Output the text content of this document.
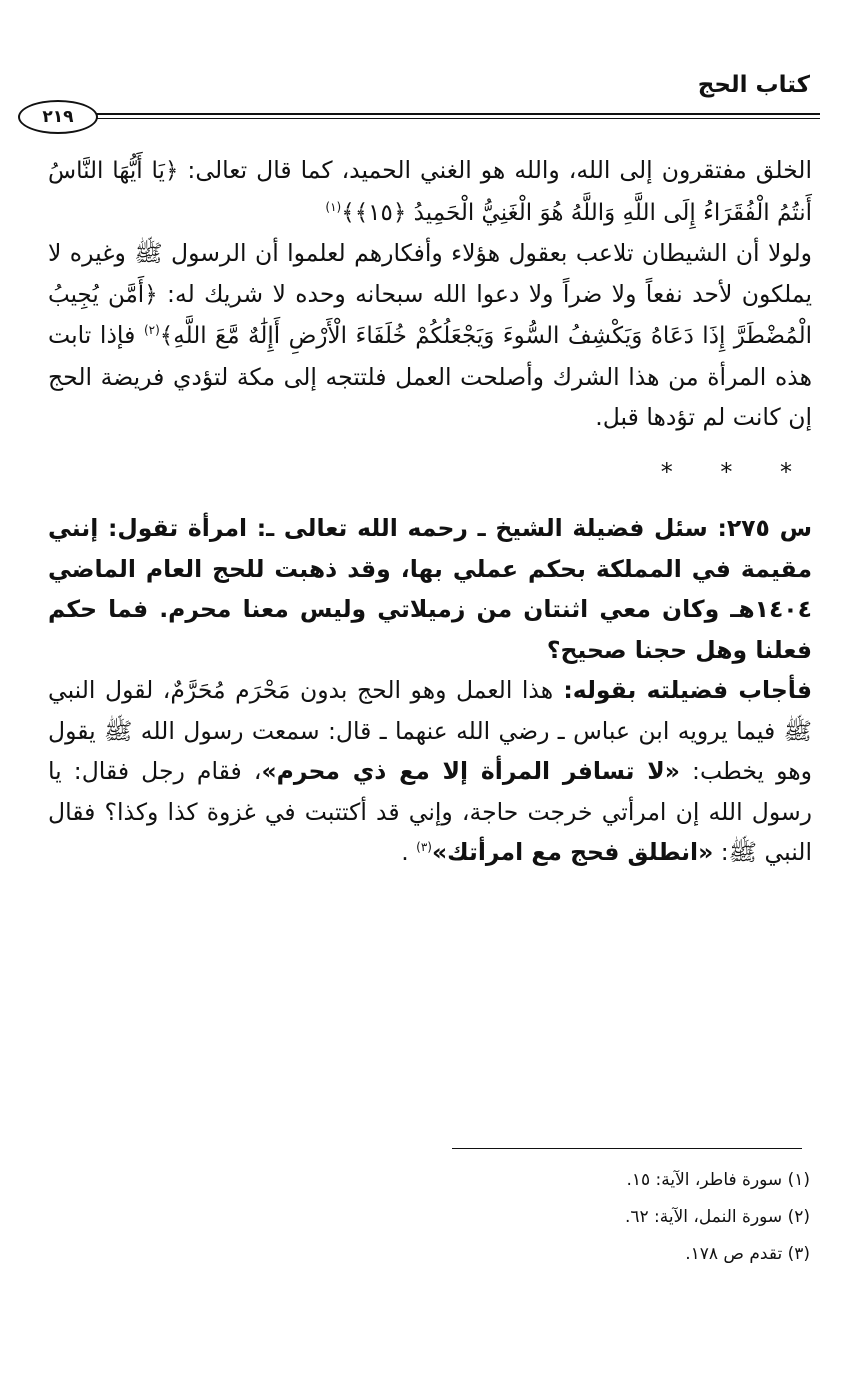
كتاب الحج
٢١٩

الخلق مفتقرون إلى الله، والله هو الغني الحميد، كما قال تعالى: ﴿يَا أَيُّهَا النَّاسُ أَنتُمُ الْفُقَرَاءُ إِلَى اللَّهِ وَاللَّهُ هُوَ الْغَنِيُّ الْحَمِيدُ ﴿١٥﴾﴾$^{(١)}$

ولولا أن الشيطان تلاعب بعقول هؤلاء وأفكارهم لعلموا أن الرسول ﷺ وغيره لا يملكون لأحد نفعاً ولا ضراً ولا دعوا الله سبحانه وحده لا شريك له: ﴿أَمَّن يُجِيبُ الْمُضْطَرَّ إِذَا دَعَاهُ وَيَكْشِفُ السُّوءَ وَيَجْعَلُكُمْ خُلَفَاءَ الْأَرْضِ أَإِلَٰهٌ مَّعَ اللَّهِ﴾$^{(٢)}$ فإذا تابت هذه المرأة من هذا الشرك وأصلحت العمل فلتتجه إلى مكة لتؤدي فريضة الحج إن كانت لم تؤدها قبل.

* * *

س ٢٧٥: سئل فضيلة الشيخ ـ رحمه الله تعالى ـ: امرأة تقول: إنني مقيمة في المملكة بحكم عملي بها، وقد ذهبت للحج العام الماضي ١٤٠٤هـ وكان معي اثنتان من زميلاتي وليس معنا محرم. فما حكم فعلنا وهل حجنا صحيح؟

فأجاب فضيلته بقوله: هذا العمل وهو الحج بدون مَحْرَم مُحَرَّمٌ، لقول النبي ﷺ فيما يرويه ابن عباس ـ رضي الله عنهما ـ قال: سمعت رسول الله ﷺ يقول وهو يخطب: «لا تسافر المرأة إلا مع ذي محرم»، فقام رجل فقال: يا رسول الله إن امرأتي خرجت حاجة، وإني قد أكتتبت في غزوة كذا وكذا؟ فقال النبي ﷺ: «انطلق فحج مع امرأتك»$^{(٣)}$ .

(١) سورة فاطر، الآية: ١٥.
(٢) سورة النمل، الآية: ٦٢.
(٣) تقدم ص ١٧٨.
